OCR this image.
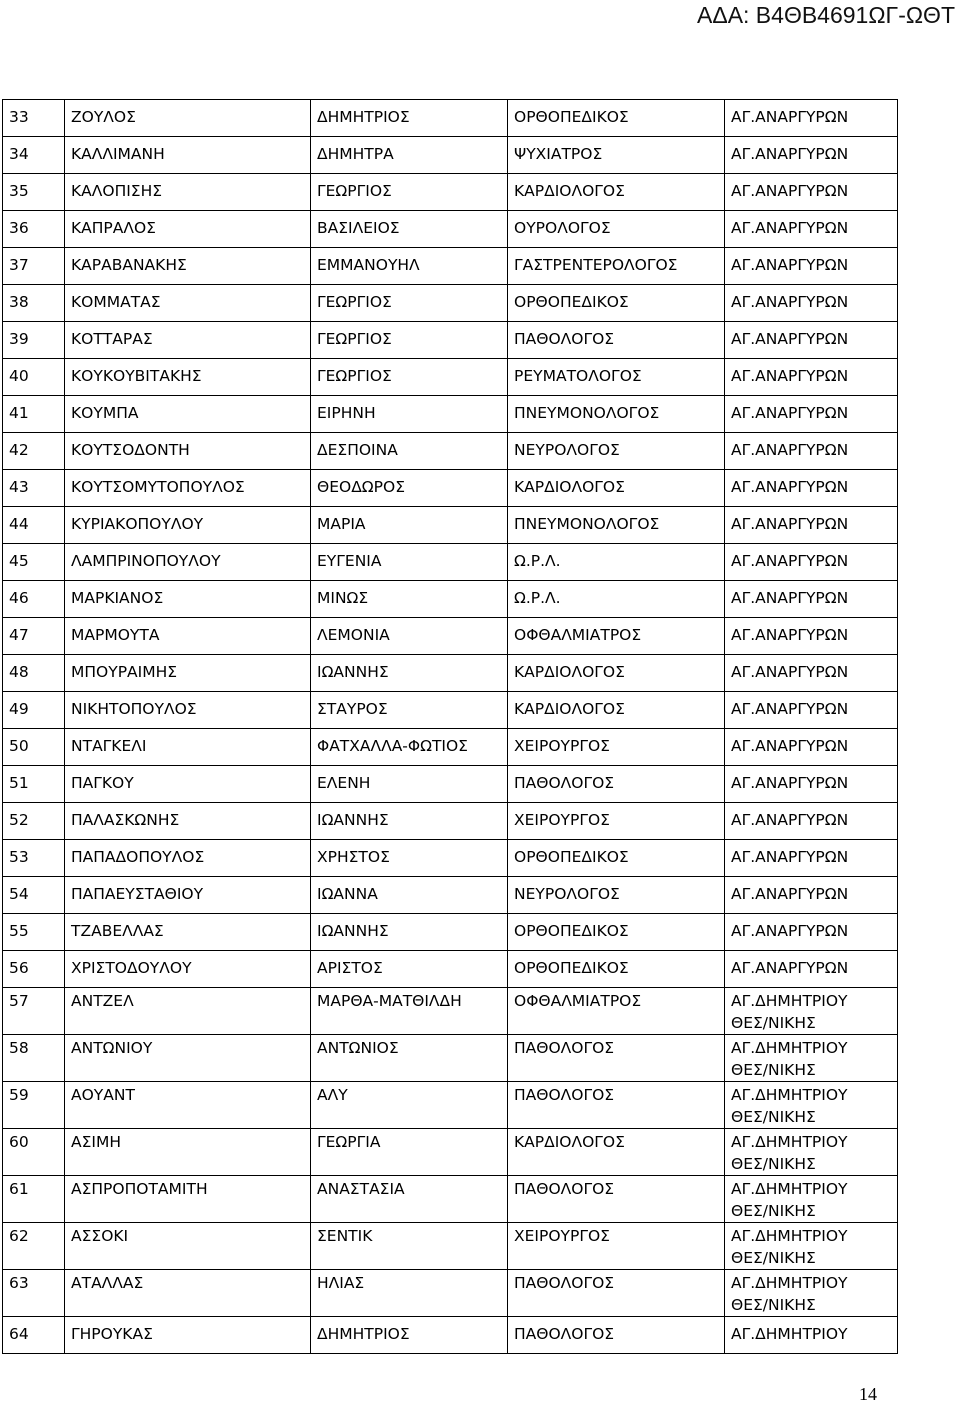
ΑΔΑ: Β4ΘΒ4691ΩΓ-ΩΘΤ
33	ΖΟΥΛΟΣ	ΔΗΜΗΤΡΙΟΣ	ΟΡΘΟΠΕΔΙΚΟΣ	ΑΓ.ΑΝΑΡΓΥΡΩΝ
34	ΚΑΛΛΙΜΑΝΗ	ΔΗΜΗΤΡΑ	ΨΥΧΙΑΤΡΟΣ	ΑΓ.ΑΝΑΡΓΥΡΩΝ
35	ΚΑΛΟΠΙΣΗΣ	ΓΕΩΡΓΙΟΣ	ΚΑΡΔΙΟΛΟΓΟΣ	ΑΓ.ΑΝΑΡΓΥΡΩΝ
36	ΚΑΠΡΑΛΟΣ	ΒΑΣΙΛΕΙΟΣ	ΟΥΡΟΛΟΓΟΣ	ΑΓ.ΑΝΑΡΓΥΡΩΝ
37	ΚΑΡΑΒΑΝΑΚΗΣ	ΕΜΜΑΝΟΥΗΛ	ΓΑΣΤΡΕΝΤΕΡΟΛΟΓΟΣ	ΑΓ.ΑΝΑΡΓΥΡΩΝ
38	ΚΟΜΜΑΤΑΣ	ΓΕΩΡΓΙΟΣ	ΟΡΘΟΠΕΔΙΚΟΣ	ΑΓ.ΑΝΑΡΓΥΡΩΝ
39	ΚΟΤΤΑΡΑΣ	ΓΕΩΡΓΙΟΣ	ΠΑΘΟΛΟΓΟΣ	ΑΓ.ΑΝΑΡΓΥΡΩΝ
40	ΚΟΥΚΟΥΒΙΤΑΚΗΣ	ΓΕΩΡΓΙΟΣ	ΡΕΥΜΑΤΟΛΟΓΟΣ	ΑΓ.ΑΝΑΡΓΥΡΩΝ
41	ΚΟΥΜΠΑ	ΕΙΡΗΝΗ	ΠΝΕΥΜΟΝΟΛΟΓΟΣ	ΑΓ.ΑΝΑΡΓΥΡΩΝ
42	ΚΟΥΤΣΟΔΟΝΤΗ	ΔΕΣΠΟΙΝΑ	ΝΕΥΡΟΛΟΓΟΣ	ΑΓ.ΑΝΑΡΓΥΡΩΝ
43	ΚΟΥΤΣΟΜΥΤΟΠΟΥΛΟΣ	ΘΕΟΔΩΡΟΣ	ΚΑΡΔΙΟΛΟΓΟΣ	ΑΓ.ΑΝΑΡΓΥΡΩΝ
44	ΚΥΡΙΑΚΟΠΟΥΛΟΥ	ΜΑΡΙΑ	ΠΝΕΥΜΟΝΟΛΟΓΟΣ	ΑΓ.ΑΝΑΡΓΥΡΩΝ
45	ΛΑΜΠΡΙΝΟΠΟΥΛΟΥ	ΕΥΓΕΝΙΑ	Ω.Ρ.Λ.	ΑΓ.ΑΝΑΡΓΥΡΩΝ
46	ΜΑΡΚΙΑΝΟΣ	ΜΙΝΩΣ	Ω.Ρ.Λ.	ΑΓ.ΑΝΑΡΓΥΡΩΝ
47	ΜΑΡΜΟΥΤΑ	ΛΕΜΟΝΙΑ	ΟΦΘΑΛΜΙΑΤΡΟΣ	ΑΓ.ΑΝΑΡΓΥΡΩΝ
48	ΜΠΟΥΡΑΙΜΗΣ	ΙΩΑΝΝΗΣ	ΚΑΡΔΙΟΛΟΓΟΣ	ΑΓ.ΑΝΑΡΓΥΡΩΝ
49	ΝΙΚΗΤΟΠΟΥΛΟΣ	ΣΤΑΥΡΟΣ	ΚΑΡΔΙΟΛΟΓΟΣ	ΑΓ.ΑΝΑΡΓΥΡΩΝ
50	ΝΤΑΓΚΕΛΙ	ΦΑΤΧΑΛΛΑ-ΦΩΤΙΟΣ	ΧΕΙΡΟΥΡΓΟΣ	ΑΓ.ΑΝΑΡΓΥΡΩΝ
51	ΠΑΓΚΟΥ	ΕΛΕΝΗ	ΠΑΘΟΛΟΓΟΣ	ΑΓ.ΑΝΑΡΓΥΡΩΝ
52	ΠΑΛΑΣΚΩΝΗΣ	ΙΩΑΝΝΗΣ	ΧΕΙΡΟΥΡΓΟΣ	ΑΓ.ΑΝΑΡΓΥΡΩΝ
53	ΠΑΠΑΔΟΠΟΥΛΟΣ	ΧΡΗΣΤΟΣ	ΟΡΘΟΠΕΔΙΚΟΣ	ΑΓ.ΑΝΑΡΓΥΡΩΝ
54	ΠΑΠΑΕΥΣΤΑΘΙΟΥ	ΙΩΑΝΝΑ	ΝΕΥΡΟΛΟΓΟΣ	ΑΓ.ΑΝΑΡΓΥΡΩΝ
55	ΤΖΑΒΕΛΛΑΣ	ΙΩΑΝΝΗΣ	ΟΡΘΟΠΕΔΙΚΟΣ	ΑΓ.ΑΝΑΡΓΥΡΩΝ
56	ΧΡΙΣΤΟΔΟΥΛΟΥ	ΑΡΙΣΤΟΣ	ΟΡΘΟΠΕΔΙΚΟΣ	ΑΓ.ΑΝΑΡΓΥΡΩΝ
57	ΑΝΤΖΕΛ	ΜΑΡΘΑ-ΜΑΤΘΙΛΔΗ	ΟΦΘΑΛΜΙΑΤΡΟΣ	ΑΓ.ΔΗΜΗΤΡΙΟΥ
ΘΕΣ/ΝΙΚΗΣ
58	ΑΝΤΩΝΙΟΥ	ΑΝΤΩΝΙΟΣ	ΠΑΘΟΛΟΓΟΣ	ΑΓ.ΔΗΜΗΤΡΙΟΥ
ΘΕΣ/ΝΙΚΗΣ
59	ΑΟΥΑΝΤ	ΑΛΥ	ΠΑΘΟΛΟΓΟΣ	ΑΓ.ΔΗΜΗΤΡΙΟΥ
ΘΕΣ/ΝΙΚΗΣ
60	ΑΣΙΜΗ	ΓΕΩΡΓΙΑ	ΚΑΡΔΙΟΛΟΓΟΣ	ΑΓ.ΔΗΜΗΤΡΙΟΥ
ΘΕΣ/ΝΙΚΗΣ
61	ΑΣΠΡΟΠΟΤΑΜΙΤΗ	ΑΝΑΣΤΑΣΙΑ	ΠΑΘΟΛΟΓΟΣ	ΑΓ.ΔΗΜΗΤΡΙΟΥ
ΘΕΣ/ΝΙΚΗΣ
62	ΑΣΣΟΚΙ	ΣΕΝΤΙΚ	ΧΕΙΡΟΥΡΓΟΣ	ΑΓ.ΔΗΜΗΤΡΙΟΥ
ΘΕΣ/ΝΙΚΗΣ
63	ΑΤΑΛΛΑΣ	ΗΛΙΑΣ	ΠΑΘΟΛΟΓΟΣ	ΑΓ.ΔΗΜΗΤΡΙΟΥ
ΘΕΣ/ΝΙΚΗΣ
64	ΓΗΡΟΥΚΑΣ	ΔΗΜΗΤΡΙΟΣ	ΠΑΘΟΛΟΓΟΣ	ΑΓ.ΔΗΜΗΤΡΙΟΥ
14
